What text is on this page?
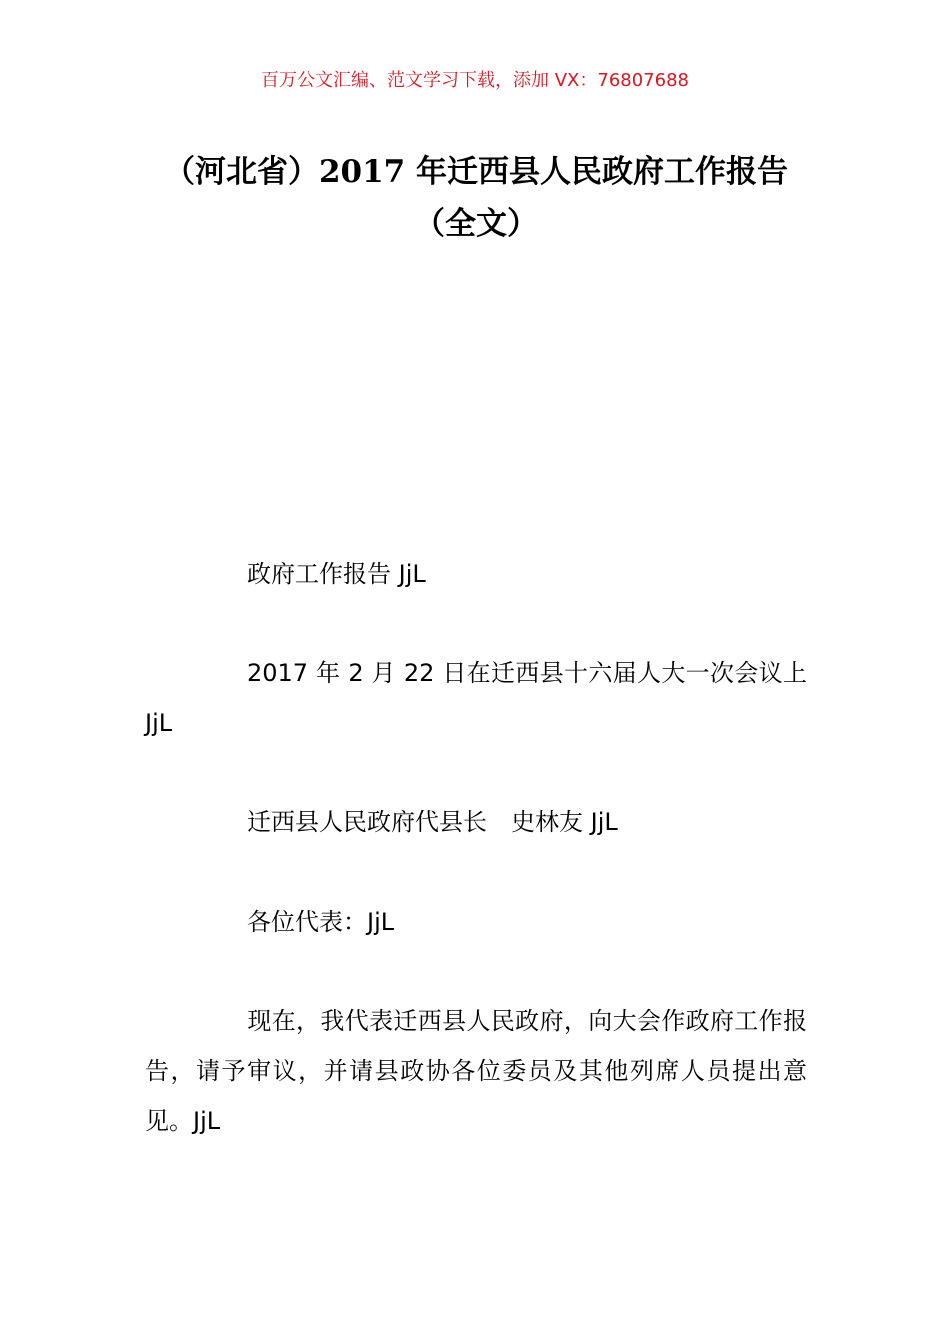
百万公文汇编、范文学习下载，添加 VX：76807688
（河北省）2017 年迁西县人民政府工作报告（全文）
政府工作报告 JjL
2017 年 2 月 22 日在迁西县十六届人大一次会议上 JjL
迁西县人民政府代县长　史林友 JjL
各位代表：JjL
现在，我代表迁西县人民政府，向大会作政府工作报告，请予审议，并请县政协各位委员及其他列席人员提出意见。JjL
